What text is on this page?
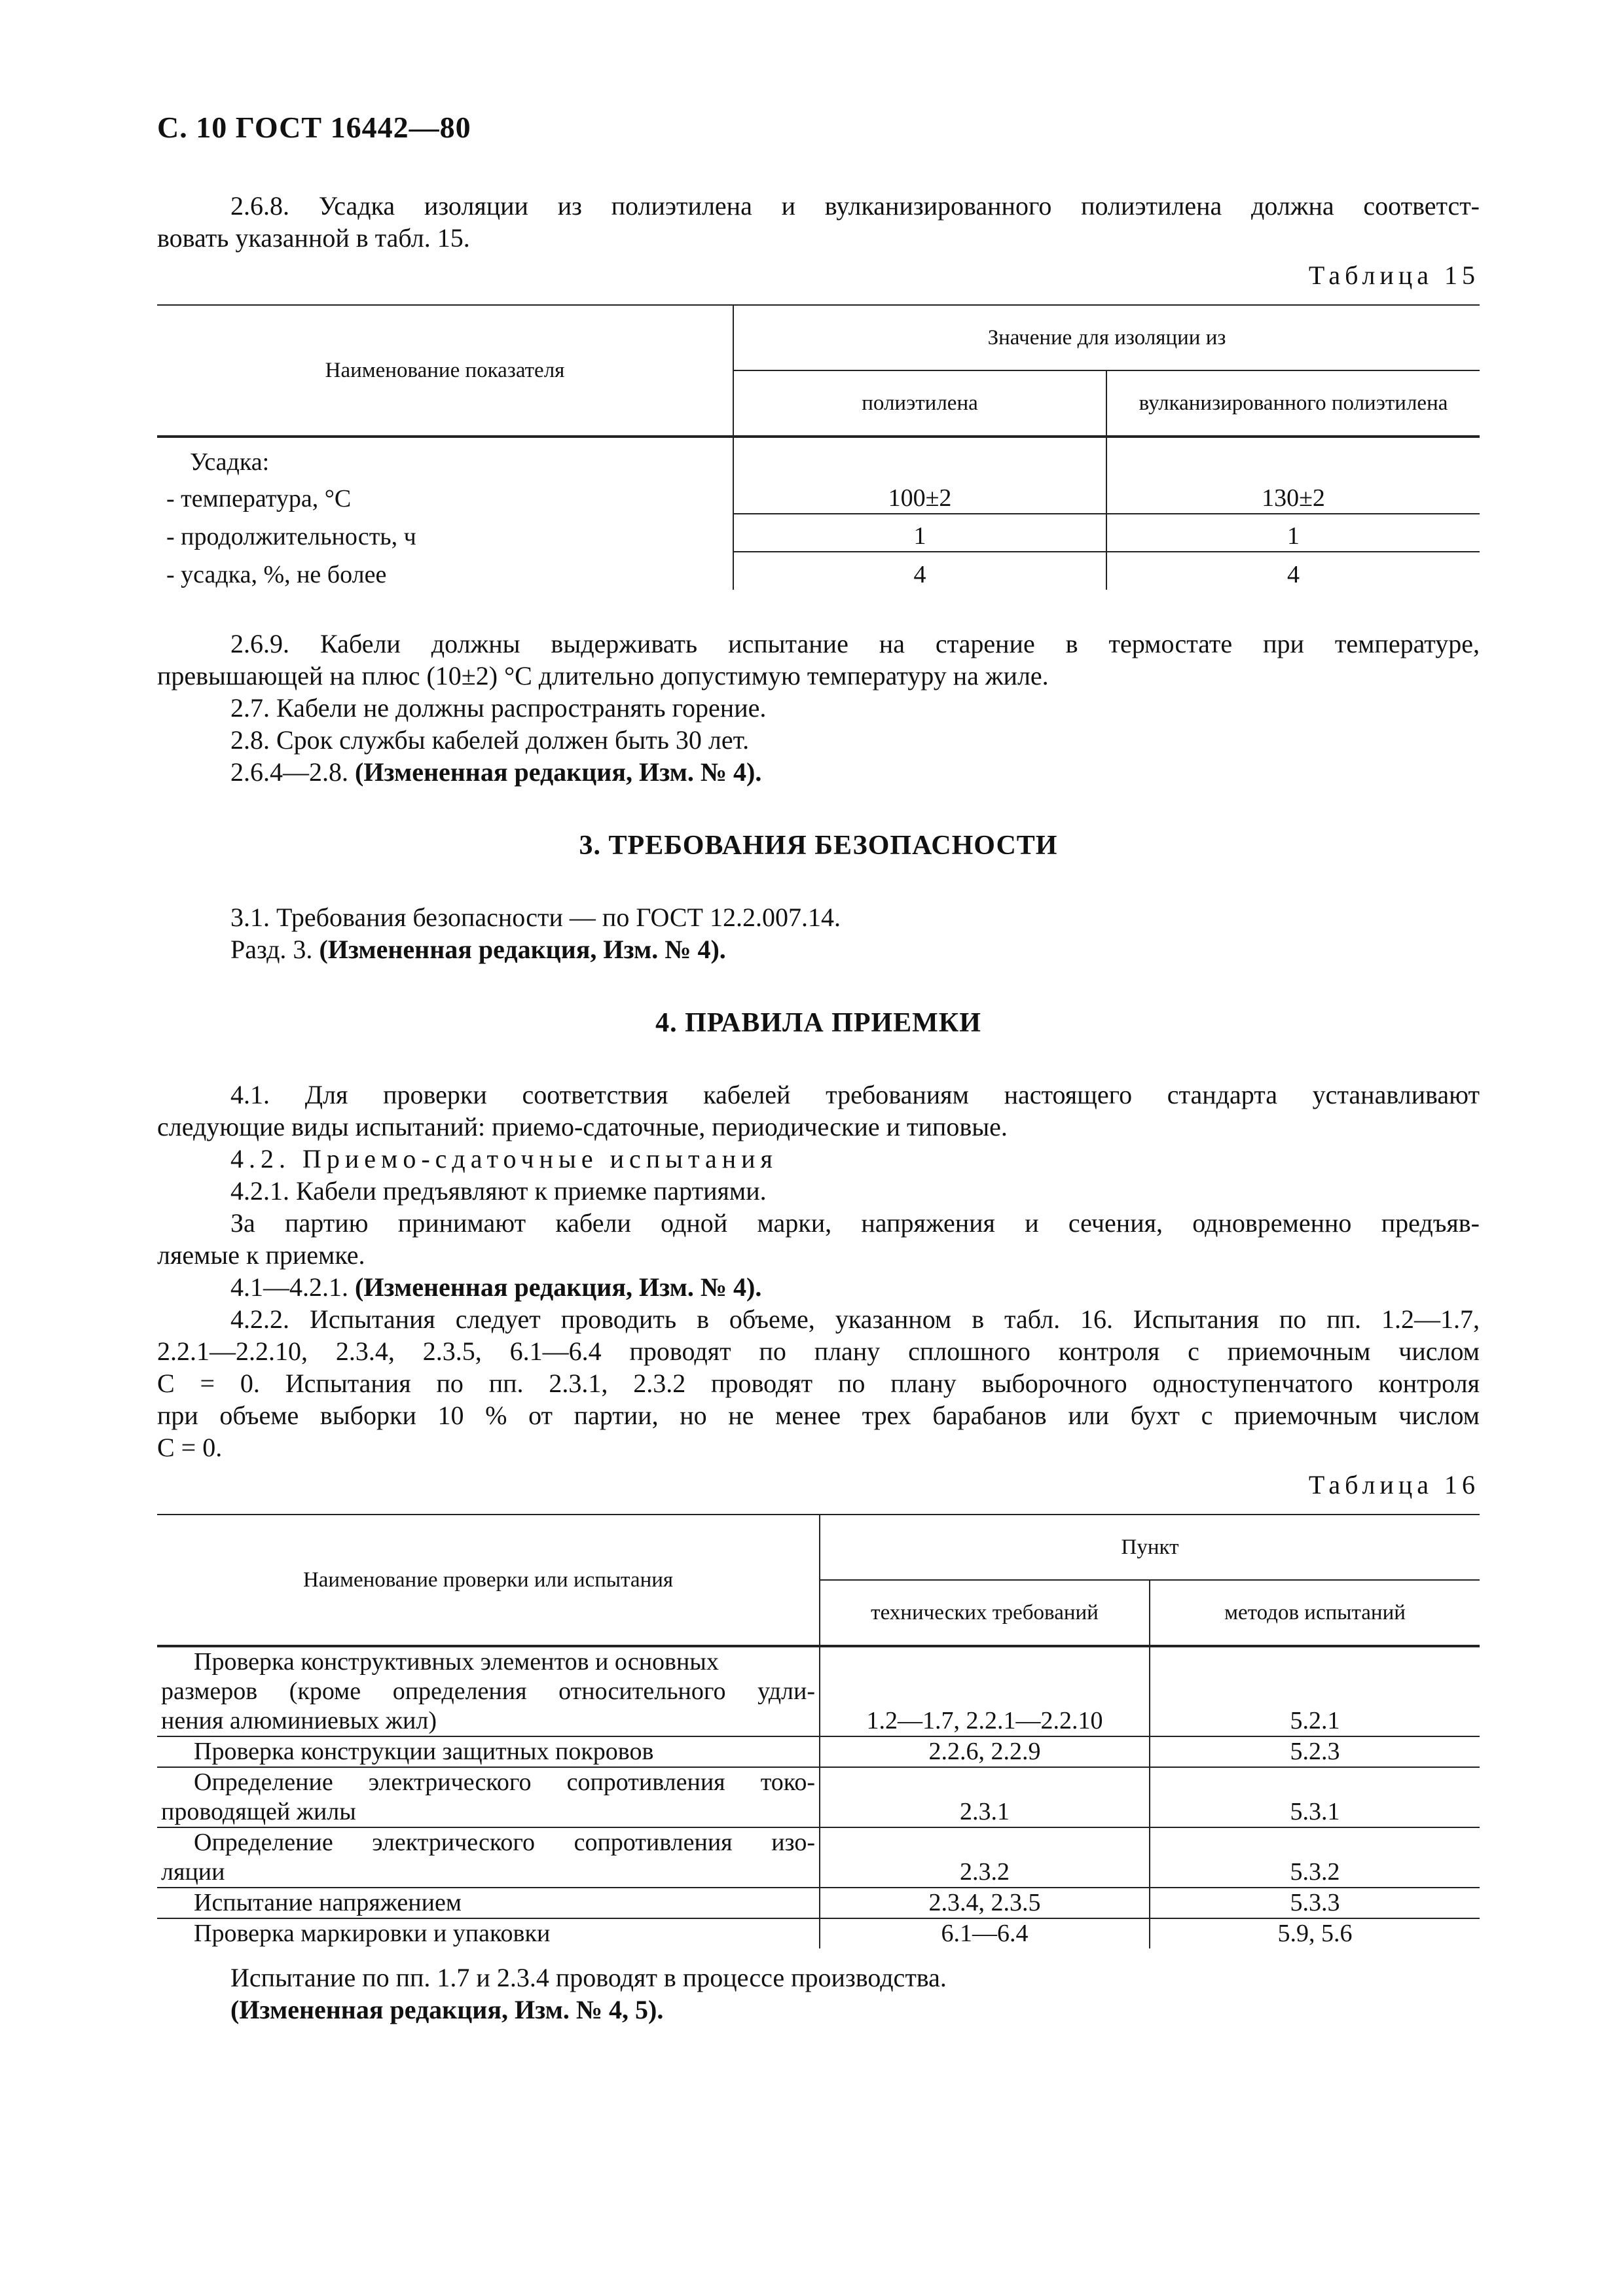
С. 10 ГОСТ 16442—80

2.6.8. Усадка изоляции из полиэтилена и вулканизированного полиэтилена должна соответст-

вовать указанной в табл. 15.

Таблица 15
Наименование показателя	Значение для изоляции из	
	полиэтилена	вулканизированного полиэтилена
Усадка:		
- температура, °С	100±2	130±2
- продолжительность, ч	1	1
- усадка, %, не более	4	4

2.6.9. Кабели должны выдерживать испытание на старение в термостате при температуре,

превышающей на плюс (10±2) °С длительно допустимую температуру на жиле.

2.7. Кабели не должны распространять горение.

2.8. Срок службы кабелей должен быть 30 лет.

2.6.4—2.8. (Измененная редакция, Изм. № 4).

3. ТРЕБОВАНИЯ БЕЗОПАСНОСТИ

3.1. Требования безопасности — по ГОСТ 12.2.007.14.

Разд. 3. (Измененная редакция, Изм. № 4).

4. ПРАВИЛА ПРИЕМКИ

4.1. Для проверки соответствия кабелей требованиям настоящего стандарта устанавливают

следующие виды испытаний: приемо-сдаточные, периодические и типовые.

4.2. Приемо-сдаточные испытания

4.2.1. Кабели предъявляют к приемке партиями.

За партию принимают кабели одной марки, напряжения и сечения, одновременно предъяв-

ляемые к приемке.

4.1—4.2.1. (Измененная редакция, Изм. № 4).

4.2.2. Испытания следует проводить в объеме, указанном в табл. 16. Испытания по пп. 1.2—1.7,

2.2.1—2.2.10, 2.3.4, 2.3.5, 6.1—6.4 проводят по плану сплошного контроля с приемочным числом
С = 0. Испытания по пп. 2.3.1, 2.3.2 проводят по плану выборочного одноступенчатого контроля
при объеме выборки 10 % от партии, но не менее трех барабанов или бухт с приемочным числом
С = 0.

Таблица 16
Наименование проверки или испытания	Пункт	
	технических требований	методов испытаний

Проверка конструктивных элементов и основных
размеров (кроме определения относительного удли-
нения алюминиевых жил)	1.2—1.7, 2.2.1—2.2.10	5.2.1

Проверка конструкции защитных покровов	2.2.6, 2.2.9	5.2.3

Определение электрического сопротивления токо-
проводящей жилы	2.3.1	5.3.1

Определение электрического сопротивления изо-
ляции	2.3.2	5.3.2

Испытание напряжением	2.3.4, 2.3.5	5.3.3

Проверка маркировки и упаковки	6.1—6.4	5.9, 5.6

Испытание по пп. 1.7 и 2.3.4 проводят в процессе производства.

(Измененная редакция, Изм. № 4, 5).
